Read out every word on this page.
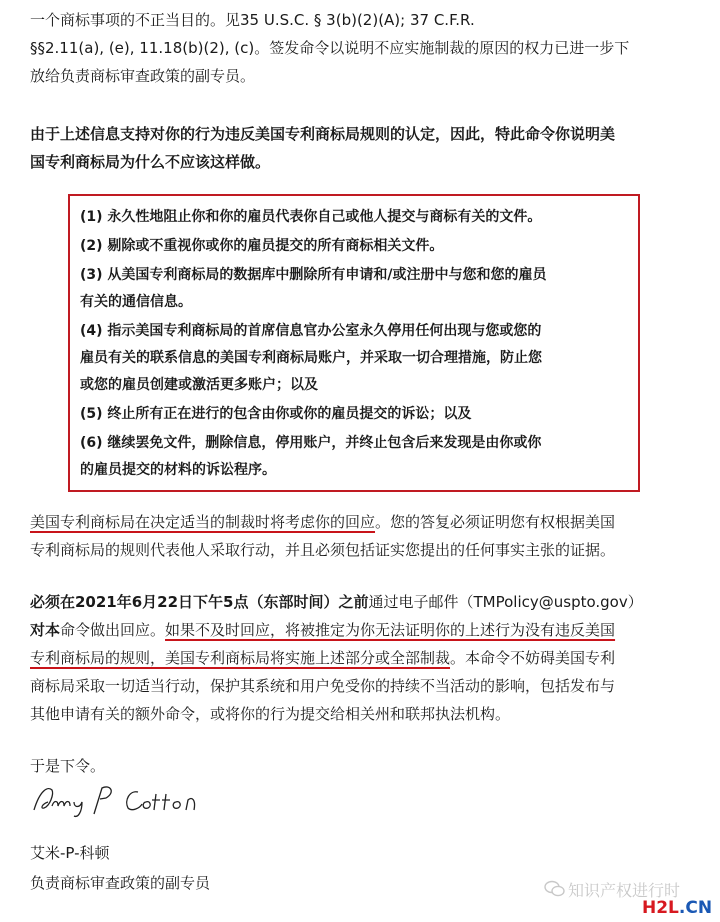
一个商标事项的不正当目的。见35 U.S.C. § 3(b)(2)(A); 37 C.F.R.
§§2.11(a), (e), 11.18(b)(2), (c)。签发命令以说明不应实施制裁的原因的权力已进一步下
放给负责商标审查政策的副专员。
由于上述信息支持对你的行为违反美国专利商标局规则的认定，因此，特此命令你说明美
国专利商标局为什么不应该这样做。
(1) 永久性地阻止你和你的雇员代表你自己或他人提交与商标有关的文件。
(2) 剔除或不重视你或你的雇员提交的所有商标相关文件。
(3) 从美国专利商标局的数据库中删除所有申请和/或注册中与您和您的雇员
有关的通信信息。
(4) 指示美国专利商标局的首席信息官办公室永久停用任何出现与您或您的
雇员有关的联系信息的美国专利商标局账户，并采取一切合理措施，防止您
或您的雇员创建或激活更多账户；以及
(5) 终止所有正在进行的包含由你或你的雇员提交的诉讼；以及
(6) 继续罢免文件，删除信息，停用账户，并终止包含后来发现是由你或你
的雇员提交的材料的诉讼程序。
美国专利商标局在决定适当的制裁时将考虑你的回应。您的答复必须证明您有权根据美国
专利商标局的规则代表他人采取行动，并且必须包括证实您提出的任何事实主张的证据。
必须在2021年6月22日下午5点（东部时间）之前通过电子邮件（TMPolicy@uspto.gov）
对本命令做出回应。如果不及时回应，将被推定为你无法证明你的上述行为没有违反美国
专利商标局的规则，美国专利商标局将实施上述部分或全部制裁。本命令不妨碍美国专利
商标局采取一切适当行动，保护其系统和用户免受你的持续不当活动的影响，包括发布与
其他申请有关的额外命令，或将你的行为提交给相关州和联邦执法机构。
于是下令。
艾米-P-科顿
负责商标审查政策的副专员	知识产权进行时
H2L.CN
